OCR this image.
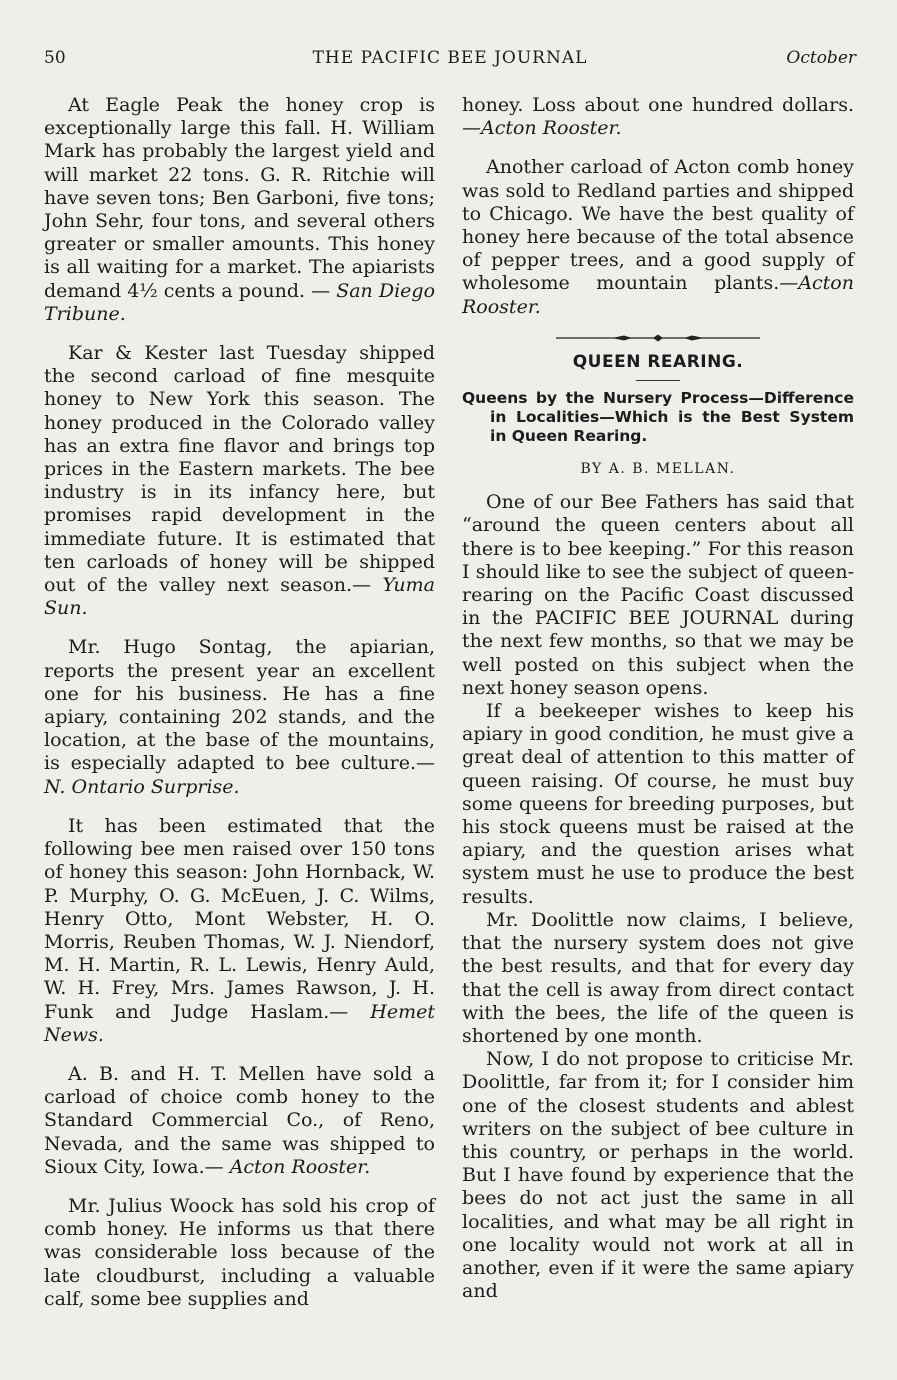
50	THE PACIFIC BEE JOURNAL	October

At Eagle Peak the honey crop is exceptionally large this fall. H. William Mark has probably the largest yield and will market 22 tons. G. R. Ritchie will have seven tons; Ben Garboni, five tons; John Sehr, four tons, and several others greater or smaller amounts. This honey is all waiting for a market. The apiarists demand 4½ cents a pound. — San Diego Tribune.

Kar & Kester last Tuesday shipped the second carload of fine mesquite honey to New York this season. The honey produced in the Colorado valley has an extra fine flavor and brings top prices in the Eastern markets. The bee industry is in its infancy here, but promises rapid development in the immediate future. It is estimated that ten carloads of honey will be shipped out of the valley next season.— Yuma Sun.

Mr. Hugo Sontag, the apiarian, reports the present year an excellent one for his business. He has a fine apiary, containing 202 stands, and the location, at the base of the mountains, is especially adapted to bee culture.— N. Ontario Surprise.

It has been estimated that the following bee men raised over 150 tons of honey this season: John Hornback, W. P. Murphy, O. G. McEuen, J. C. Wilms, Henry Otto, Mont Webster, H. O. Morris, Reuben Thomas, W. J. Niendorf, M. H. Martin, R. L. Lewis, Henry Auld, W. H. Frey, Mrs. James Rawson, J. H. Funk and Judge Haslam.— Hemet News.

A. B. and H. T. Mellen have sold a carload of choice comb honey to the Standard Commercial Co., of Reno, Nevada, and the same was shipped to Sioux City, Iowa.— Acton Rooster.

Mr. Julius Woock has sold his crop of comb honey. He informs us that there was considerable loss because of the late cloudburst, including a valuable calf, some bee supplies and

honey. Loss about one hundred dollars.—Acton Rooster.

Another carload of Acton comb honey was sold to Redland parties and shipped to Chicago. We have the best quality of honey here because of the total absence of pepper trees, and a good supply of wholesome mountain plants.—Acton Rooster.

QUEEN REARING.

Queens by the Nursery Process—Difference in Localities—Which is the Best System in Queen Rearing.

BY A. B. MELLAN.

One of our Bee Fathers has said that “around the queen centers about all there is to bee keeping.” For this reason I should like to see the subject of queen-rearing on the Pacific Coast discussed in the PACIFIC BEE JOURNAL during the next few months, so that we may be well posted on this subject when the next honey season opens.

If a beekeeper wishes to keep his apiary in good condition, he must give a great deal of attention to this matter of queen raising. Of course, he must buy some queens for breeding purposes, but his stock queens must be raised at the apiary, and the question arises what system must he use to produce the best results.

Mr. Doolittle now claims, I believe, that the nursery system does not give the best results, and that for every day that the cell is away from direct contact with the bees, the life of the queen is shortened by one month.

Now, I do not propose to criticise Mr. Doolittle, far from it; for I consider him one of the closest students and ablest writers on the subject of bee culture in this country, or perhaps in the world. But I have found by experience that the bees do not act just the same in all localities, and what may be all right in one locality would not work at all in another, even if it were the same apiary and
